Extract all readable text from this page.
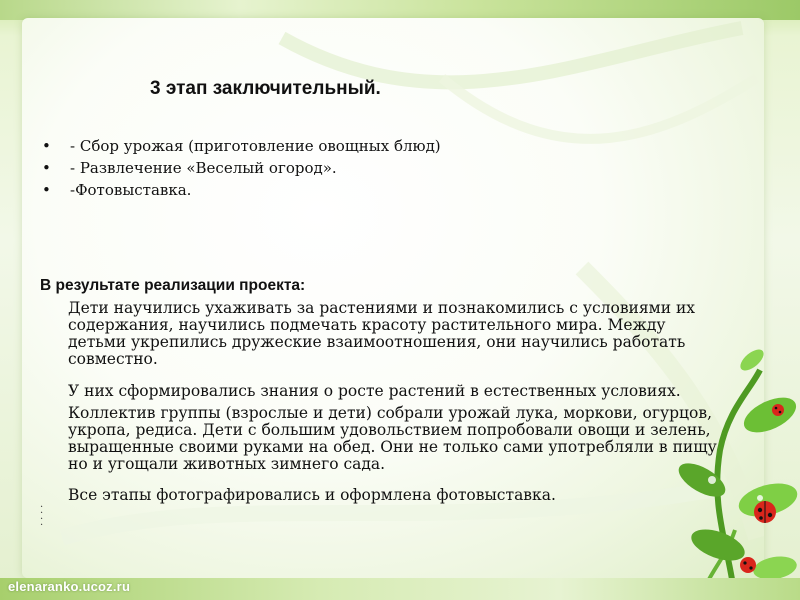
3 этап заключительный.
• - Сбор урожая (приготовление овощных блюд)
• - Развлечение «Веселый огород».
• -Фотовыставка.
В результате реализации проекта:

Дети научились ухаживать за растениями и познакомились с условиями их содержания, научились подмечать красоту растительного мира. Между детьми укрепились дружеские взаимоотношения, они научились работать совместно.

У них сформировались знания о росте растений в естественных условиях.

Коллектив группы (взрослые и дети) собрали урожай лука, моркови, огурцов, укропа, редиса. Дети с большим удовольствием попробовали овощи и зелень, выращенные своими руками на обед. Они не только сами употребляли в пищу, но и угощали животных зимнего сада.

Все этапы фотографировались и оформлена фотовыставка.

·
·
·
·
elenaranko.ucoz.ru
